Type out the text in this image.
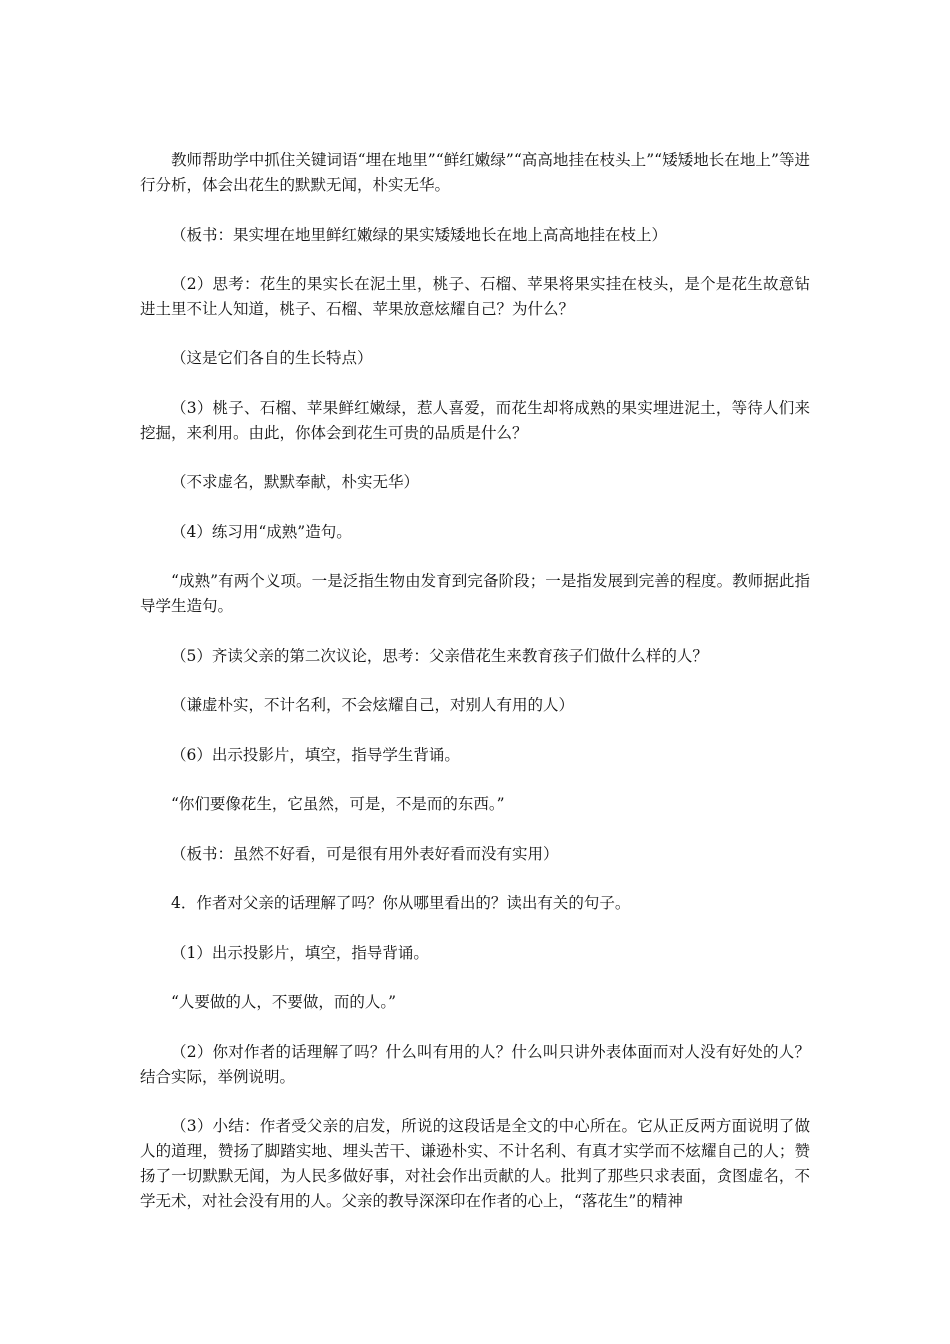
教师帮助学中抓住关键词语“埋在地里”“鲜红嫩绿”“高高地挂在枝头上”“矮矮地长在地上”等进行分析，体会出花生的默默无闻，朴实无华。

（板书：果实埋在地里鲜红嫩绿的果实矮矮地长在地上高高地挂在枝上）

（2）思考：花生的果实长在泥土里，桃子、石榴、苹果将果实挂在枝头，是个是花生故意钻进土里不让人知道，桃子、石榴、苹果放意炫耀自己？为什么？

（这是它们各自的生长特点）

（3）桃子、石榴、苹果鲜红嫩绿，惹人喜爱，而花生却将成熟的果实埋进泥土，等待人们来挖掘，来利用。由此，你体会到花生可贵的品质是什么？

（不求虚名，默默奉献，朴实无华）

（4）练习用“成熟”造句。

“成熟”有两个义项。一是泛指生物由发育到完备阶段；一是指发展到完善的程度。教师据此指导学生造句。

（5）齐读父亲的第二次议论，思考：父亲借花生来教育孩子们做什么样的人？

（谦虚朴实，不计名利，不会炫耀自己，对别人有用的人）

（6）出示投影片，填空，指导学生背诵。

“你们要像花生，它虽然，可是，不是而的东西。”

（板书：虽然不好看，可是很有用外表好看而没有实用）

4．作者对父亲的话理解了吗？你从哪里看出的？读出有关的句子。

（1）出示投影片，填空，指导背诵。

“人要做的人，不要做，而的人。”

（2）你对作者的话理解了吗？什么叫有用的人？什么叫只讲外表体面而对人没有好处的人？结合实际，举例说明。

（3）小结：作者受父亲的启发，所说的这段话是全文的中心所在。它从正反两方面说明了做人的道理，赞扬了脚踏实地、埋头苦干、谦逊朴实、不计名利、有真才实学而不炫耀自己的人；赞扬了一切默默无闻，为人民多做好事，对社会作出贡献的人。批判了那些只求表面，贪图虚名，不学无术，对社会没有用的人。父亲的教导深深印在作者的心上，“落花生”的精神
